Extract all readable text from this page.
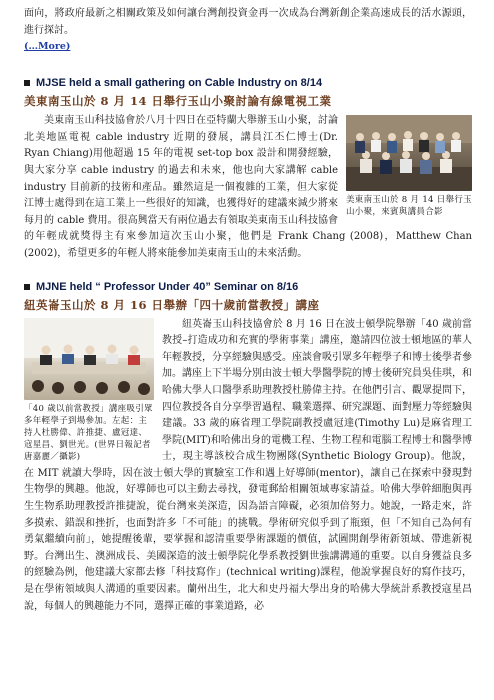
面向，將政府最新之相關政策及如何讓台灣創投資金再一次成為台灣新創企業高速成長的活水源頭，進行探討。

(…More)
MJSE held a small gathering on Cable Industry on 8/14
美東南玉山於 8 月 14 日舉行玉山小聚討論有線電視工業
美東南玉山於 8 月 14 日舉行玉山小聚，來賓與講員合影

美東南玉山科技協會於八月十四日在亞特蘭大舉辦玉山小聚，討論北美地區電視 cable industry 近期的發展，講員江丕仁博士(Dr. Ryan Chiang)用他超過 15 年的電視 set-top box 設計和開發經驗，與大家分享 cable industry 的過去和未來，他也向大家講解 cable industry 目前新的技術和產品。雖然這是一個複雜的工業，但大家從江博士處得到在這工業上一些很好的知識，也獲得好的建議來減少將來每月的 cable 費用。很高興當天有兩位過去有領取美東南玉山科技協會的年輕成就獎得主有來參加這次玉山小聚，他們是 Frank Chang (2008)，Matthew Chan (2002)，希望更多的年輕人將來能參加美東南玉山的未來活動。

MJNE held “ Professor Under 40” Seminar on 8/16
紐英崙玉山於 8 月 16 日舉辦「四十歲前當教授」講座
「40 歲以前當教授」講座吸引眾多年輕學子到場參加。左起：主持人杜勝偉、許推捷、盧冠達、寇星昌、劉世光。(世界日報記者唐嘉麗／攝影)

紐英崙玉山科技協會於 8 月 16 日在波士頓學院舉辦「40 歲前當教授–打造成功和充實的學術事業」講座，邀請四位波士頓地區的華人年輕教授，分享經驗與感受。座談會吸引眾多年輕學子和博士後學者參加。講座上下半場分別由波士頓大學醫學院的博士後研究員吳佳琪，和哈佛大學人口醫學系助理教授杜勝偉主持。在他們引言、觀眾提問下，四位教授各自分享學習過程、職業選擇、研究課題、面對壓力等經驗與建議。33 歲的麻省理工學院副教授盧冠達(Timothy Lu)是麻省理工學院(MIT)和哈佛出身的電機工程、生物工程和電腦工程博士和醫學博士，現主導該校合成生物團隊(Synthetic Biology Group)。他說，在 MIT 就讀大學時，因在波士頓大學的實驗室工作和遇上好導師(mentor)，讓自己在探索中發現對生物學的興趣。他說，好導師也可以主動去尋找，發電郵給相關領域專家請益。哈佛大學幹細胞與再生生物系助理教授許推捷說，從台灣來美深造，因為語言障礙，必須加倍努力。她說，一路走來，許多摸索、錯誤和挫折，也面對許多「不可能」的挑戰。學術研究似乎到了瓶頸，但「不知自己為何有勇氣繼續向前」，她提醒後輩，要掌握和認清重要學術課題的價值，試圖開創學術新領域、帶進新視野。台灣出生、澳洲成長、美國深造的波士頓學院化學系教授劉世強講溝通的重要。以自身獲益良多的經驗為例，他建議大家都去修「科技寫作」(technical writing)課程，他說掌握良好的寫作技巧，是在學術領域與人溝通的重要因素。蘭州出生，北大和史丹福大學出身的哈佛大學統計系教授寇星昌說，每個人的興趣能力不同，選擇正確的事業道路，必
